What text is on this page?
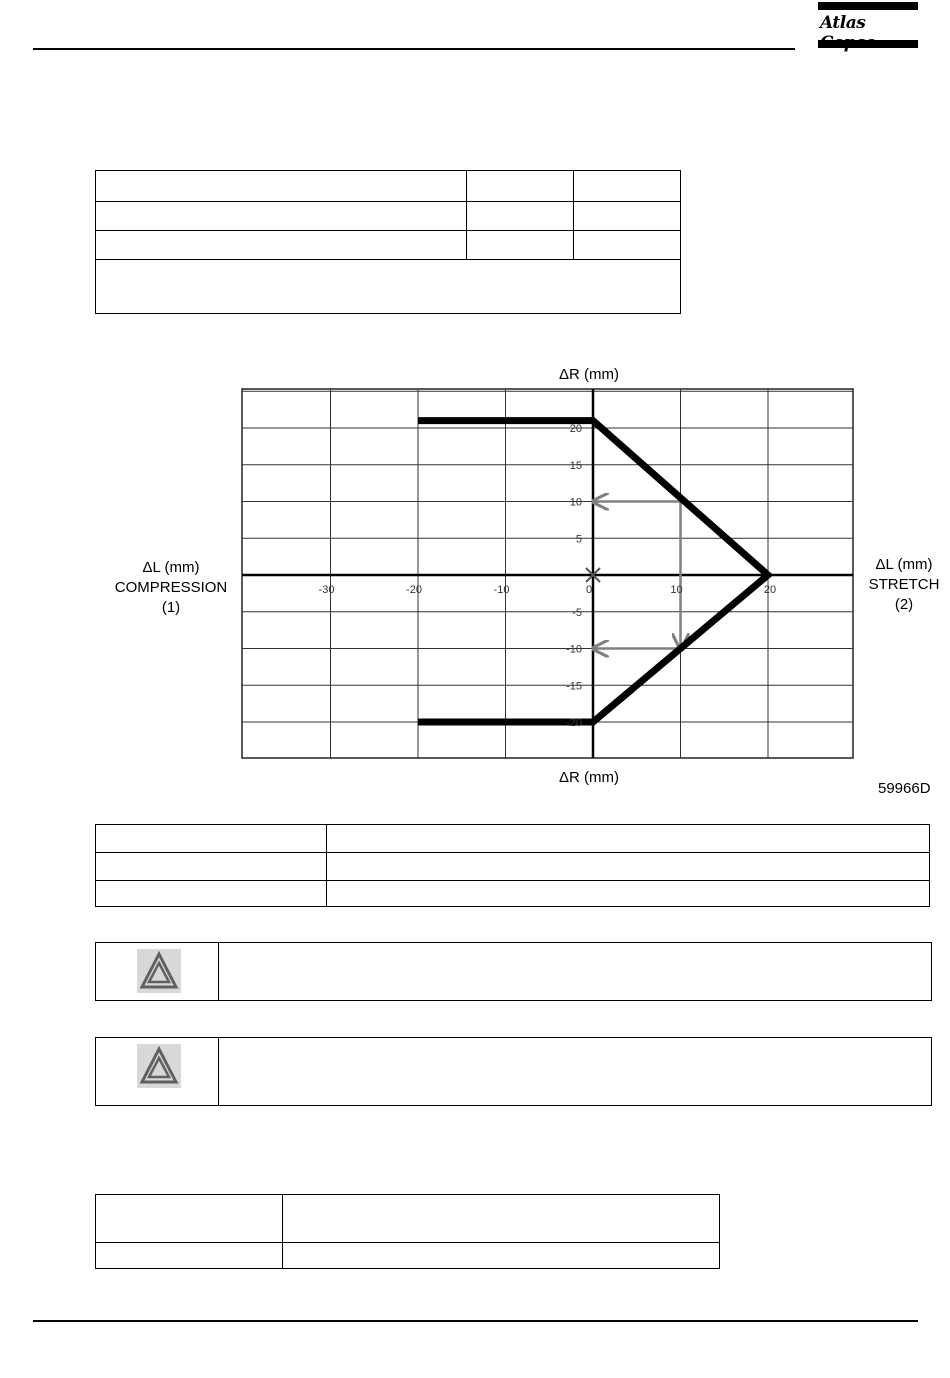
Atlas

ΔR (mm)
ΔR (mm)
ΔL (mm)
COMPRESSION
(1)
ΔL (mm)
STRETCH
(2)
59966D
-30	-20	-10	0	10	20
20
15
10
5
-5
-10
-15
-20
